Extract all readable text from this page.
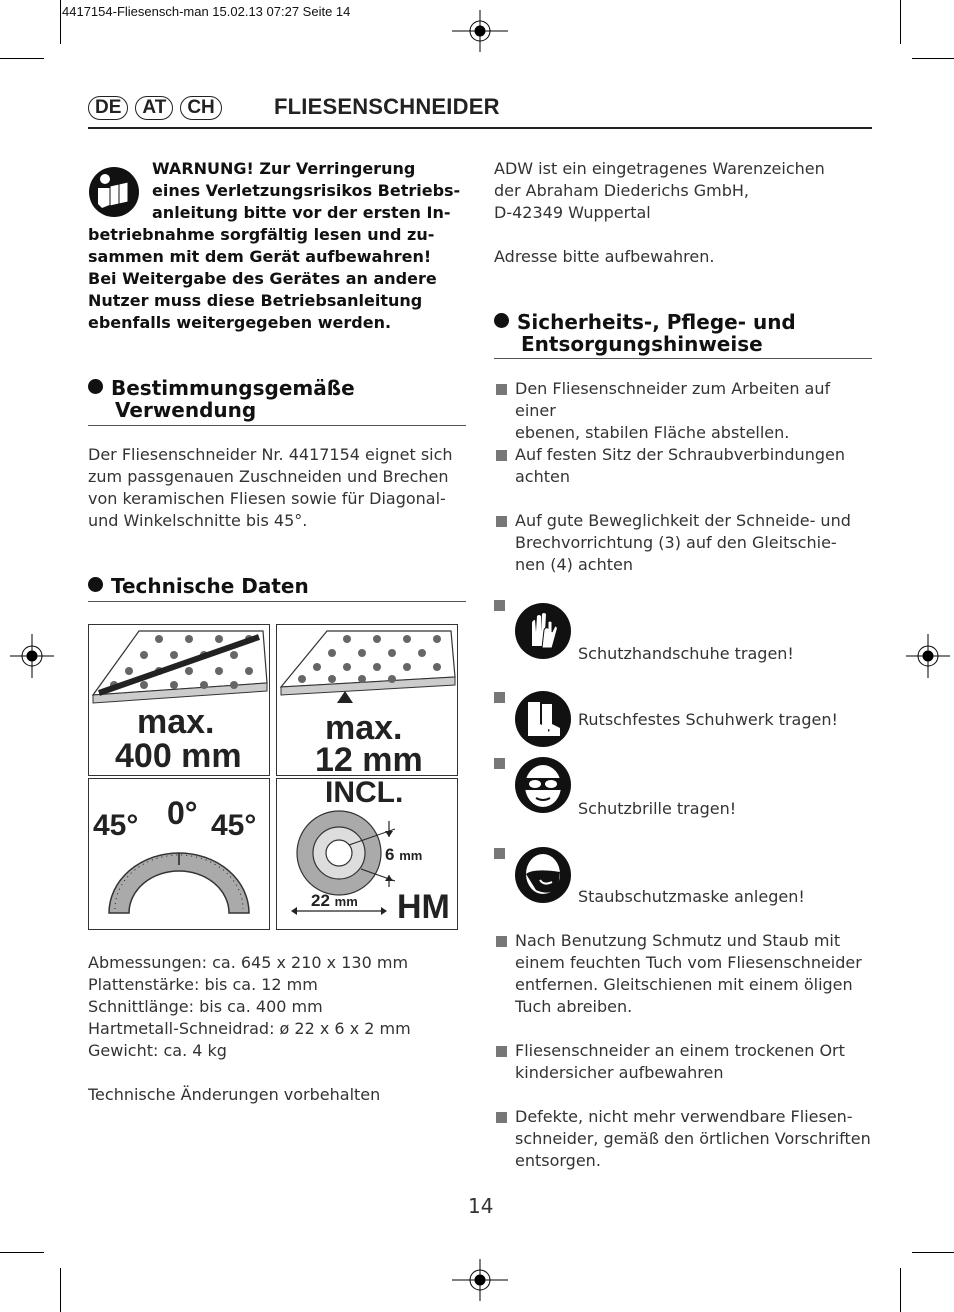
4417154-Fliesensch-man 15.02.13 07:27 Seite 14
DE	AT	CH	FLIESENSCHNEIDER
WARNUNG! Zur Verringerung
eines Verletzungsrisikos Betriebs-
anleitung bitte vor der ersten In-
betriebnahme sorgfältig lesen und zu-
sammen mit dem Gerät aufbewahren!
Bei Weitergabe des Gerätes an andere
Nutzer muss diese Betriebsanleitung
ebenfalls weitergegeben werden.
Bestimmungsgemäße
Verwendung
Der Fliesenschneider Nr. 4417154 eignet sich
zum passgenauen Zuschneiden und Brechen
von keramischen Fliesen sowie für Diagonal-
und Winkelschnitte bis 45°.
Technische Daten
max.
400 mm
max.
12 mm
45° 0° 45°
INCL.
6 mm
22 mm HM
Abmessungen: ca. 645 x 210 x 130 mm
Plattenstärke: bis ca. 12 mm
Schnittlänge: bis ca. 400 mm
Hartmetall-Schneidrad: ø 22 x 6 x 2 mm
Gewicht: ca. 4 kg
Technische Änderungen vorbehalten
ADW ist ein eingetragenes Warenzeichen
der Abraham Diederichs GmbH,
D-42349 Wuppertal
Adresse bitte aufbewahren.
Sicherheits-, Pflege- und
Entsorgungshinweise
Den Fliesenschneider zum Arbeiten auf einer
ebenen, stabilen Fläche abstellen.
Auf festen Sitz der Schraubverbindungen
achten
Auf gute Beweglichkeit der Schneide- und
Brechvorrichtung (3) auf den Gleitschie-
nen (4) achten
Schutzhandschuhe tragen!
Rutschfestes Schuhwerk tragen!
Schutzbrille tragen!
Staubschutzmaske anlegen!
Nach Benutzung Schmutz und Staub mit
einem feuchten Tuch vom Fliesenschneider
entfernen. Gleitschienen mit einem öligen
Tuch abreiben.
Fliesenschneider an einem trockenen Ort
kindersicher aufbewahren
Defekte, nicht mehr verwendbare Fliesen-
schneider, gemäß den örtlichen Vorschriften
entsorgen.
14
